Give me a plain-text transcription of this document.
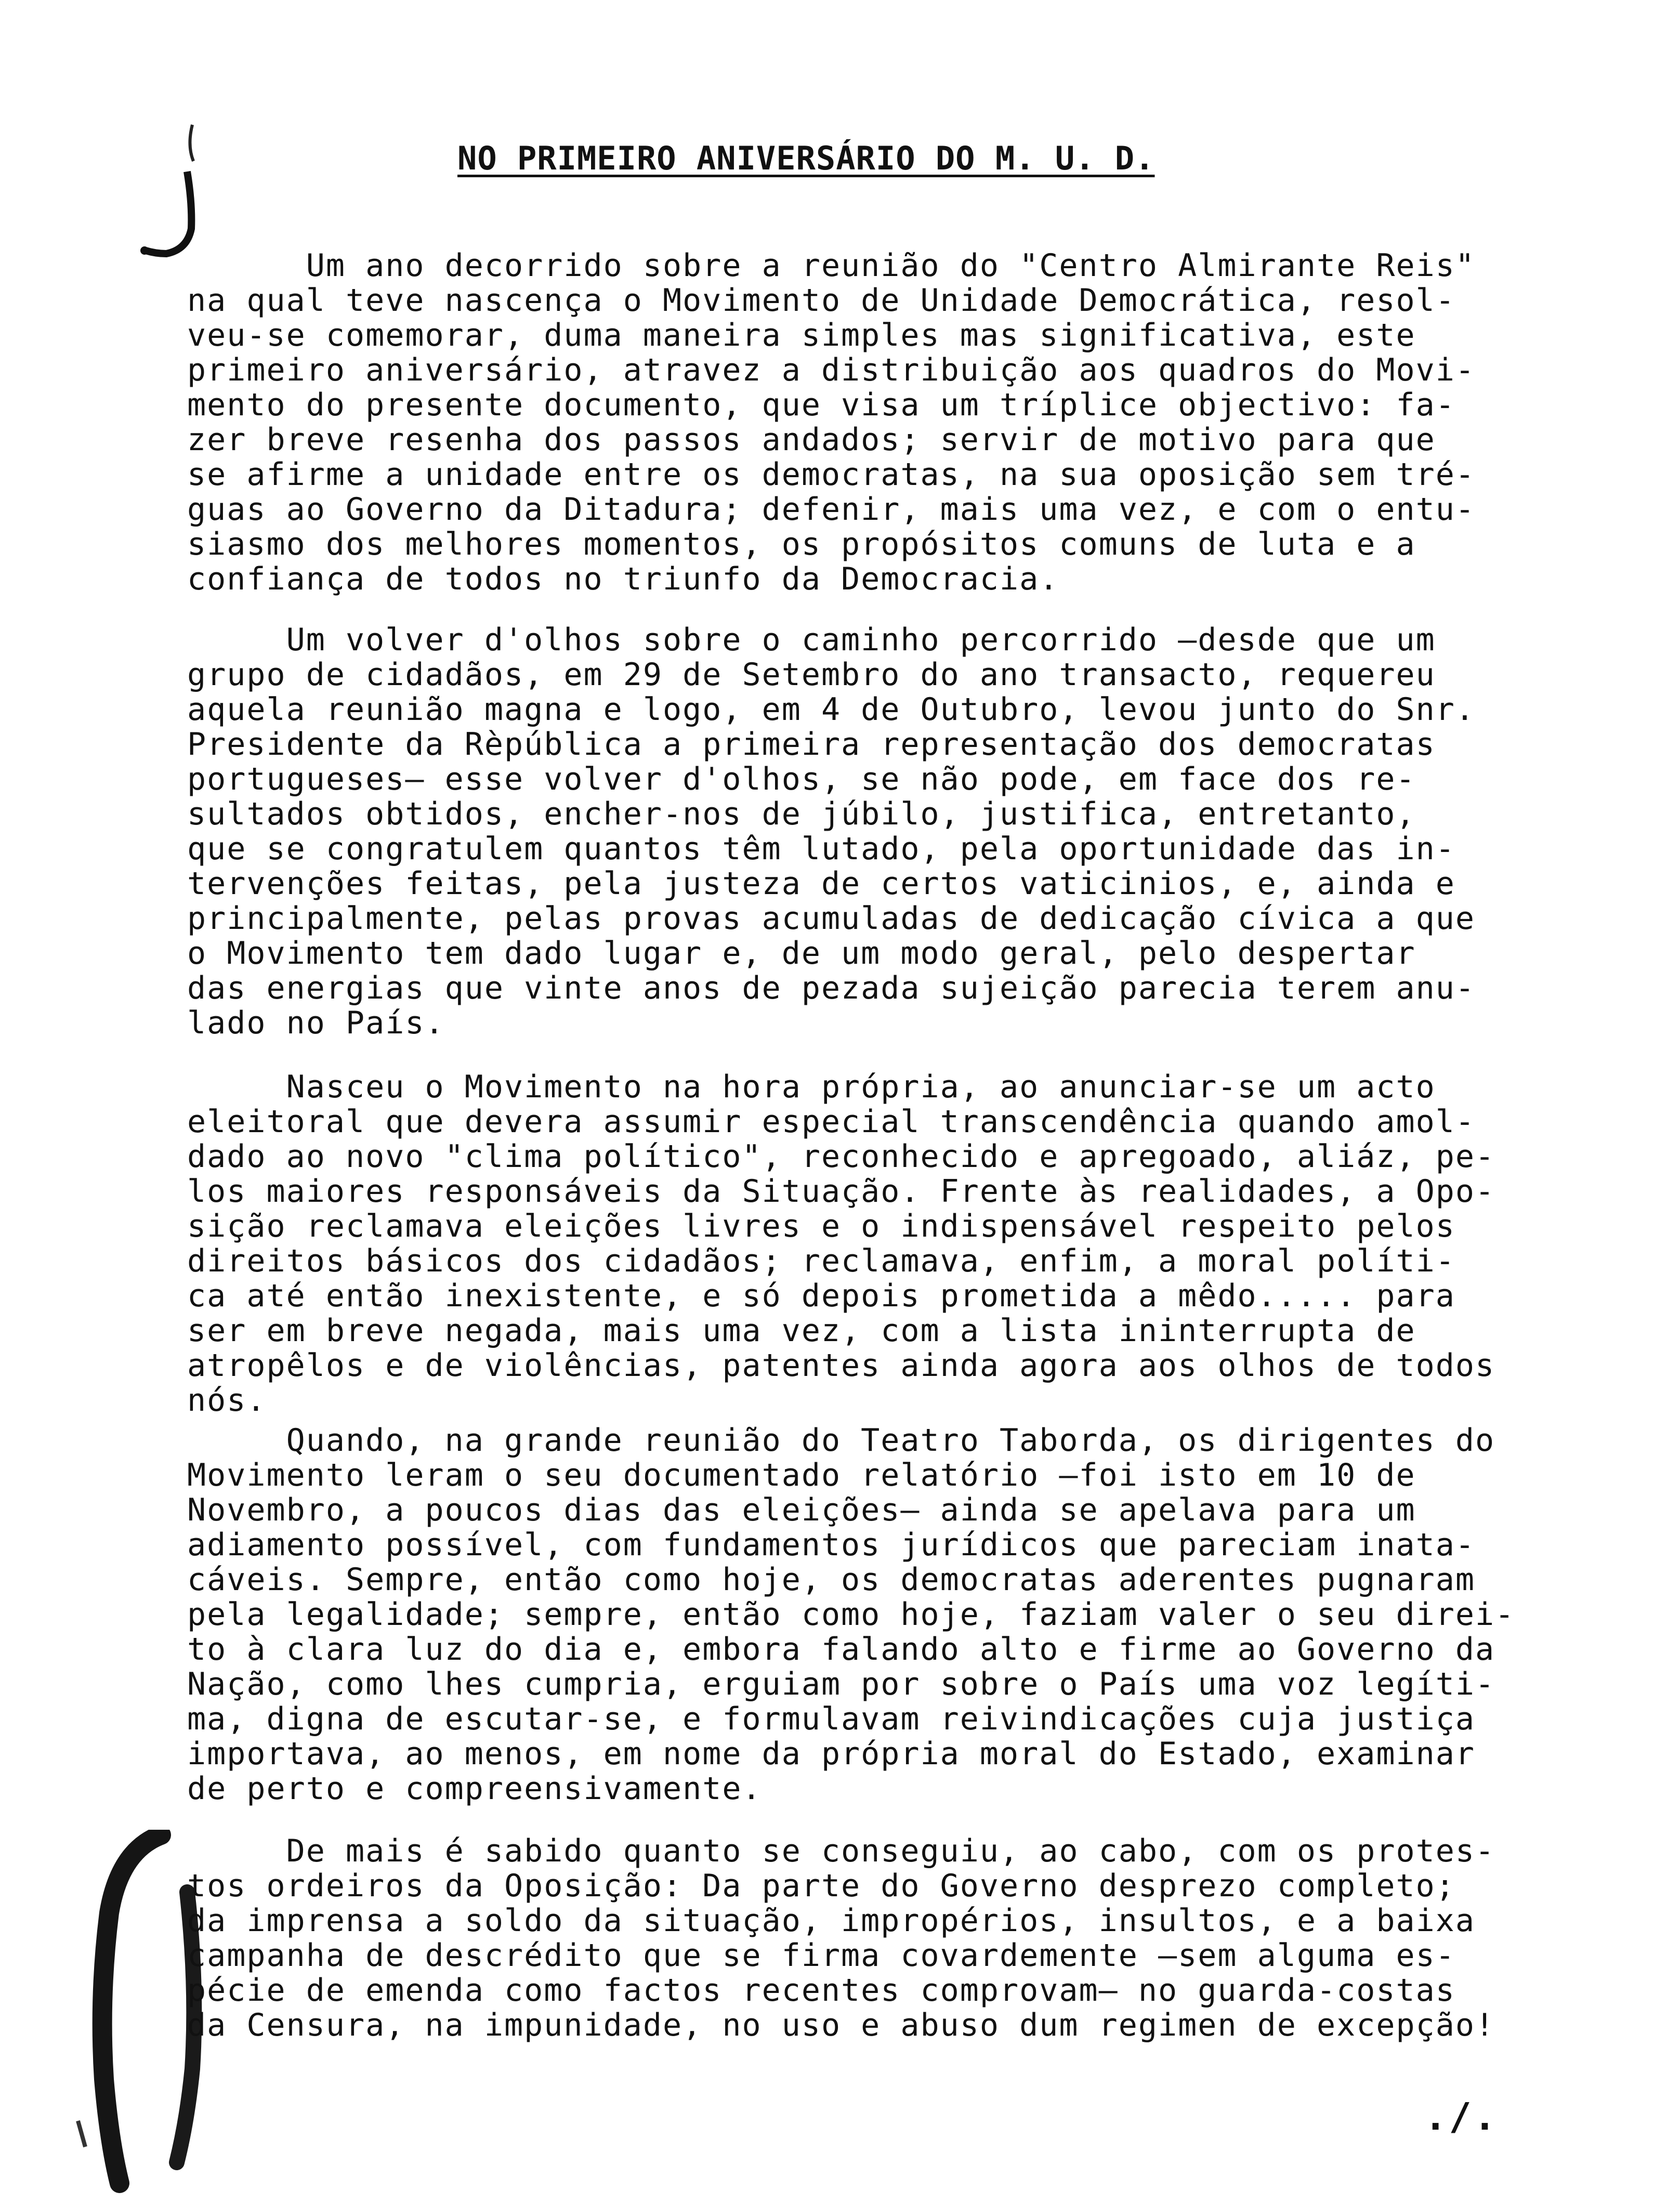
NO PRIMEIRO ANIVERSÁRIO DO M. U. D.
Um ano decorrido sobre a reunião do "Centro Almirante Reis"
na qual teve nascença o Movimento de Unidade Democrática, resol-
veu-se comemorar, duma maneira simples mas significativa, este
primeiro aniversário, atravez a distribuição aos quadros do Movi-
mento do presente documento, que visa um tríplice objectivo: fa-
zer breve resenha dos passos andados; servir de motivo para que
se afirme a unidade entre os democratas, na sua oposição sem tré-
guas ao Governo da Ditadura; defenir, mais uma vez, e com o entu-
siasmo dos melhores momentos, os propósitos comuns de luta e a
confiança de todos no triunfo da Democracia.
Um volver d'olhos sobre o caminho percorrido —desde que um
grupo de cidadãos, em 29 de Setembro do ano transacto, requereu
aquela reunião magna e logo, em 4 de Outubro, levou junto do Snr.
Presidente da Rèpública a primeira representação dos democratas
portugueses— esse volver d'olhos, se não pode, em face dos re-
sultados obtidos, encher-nos de júbilo, justifica, entretanto,
que se congratulem quantos têm lutado, pela oportunidade das in-
tervenções feitas, pela justeza de certos vaticinios, e, ainda e
principalmente, pelas provas acumuladas de dedicação cívica a que
o Movimento tem dado lugar e, de um modo geral, pelo despertar
das energias que vinte anos de pezada sujeição parecia terem anu-
lado no País.
Nasceu o Movimento na hora própria, ao anunciar-se um acto
eleitoral que devera assumir especial transcendência quando amol-
dado ao novo "clima político", reconhecido e apregoado, aliáz, pe-
los maiores responsáveis da Situação. Frente às realidades, a Opo-
sição reclamava eleições livres e o indispensável respeito pelos
direitos básicos dos cidadãos; reclamava, enfim, a moral políti-
ca até então inexistente, e só depois prometida a mêdo..... para
ser em breve negada, mais uma vez, com a lista ininterrupta de
atropêlos e de violências, patentes ainda agora aos olhos de todos
nós.
Quando, na grande reunião do Teatro Taborda, os dirigentes do
Movimento leram o seu documentado relatório —foi isto em 10 de
Novembro, a poucos dias das eleições— ainda se apelava para um
adiamento possível, com fundamentos jurídicos que pareciam inata-
cáveis. Sempre, então como hoje, os democratas aderentes pugnaram
pela legalidade; sempre, então como hoje, faziam valer o seu direi-
to à clara luz do dia e, embora falando alto e firme ao Governo da
Nação, como lhes cumpria, erguiam por sobre o País uma voz legíti-
ma, digna de escutar-se, e formulavam reivindicações cuja justiça
importava, ao menos, em nome da própria moral do Estado, examinar
de perto e compreensivamente.
De mais é sabido quanto se conseguiu, ao cabo, com os protes-
tos ordeiros da Oposição: Da parte do Governo desprezo completo;
da imprensa a soldo da situação, impropérios, insultos, e a baixa
campanha de descrédito que se firma covardemente —sem alguma es-
pécie de emenda como factos recentes comprovam— no guarda-costas
da Censura, na impunidade, no uso e abuso dum regimen de excepção!
./.
